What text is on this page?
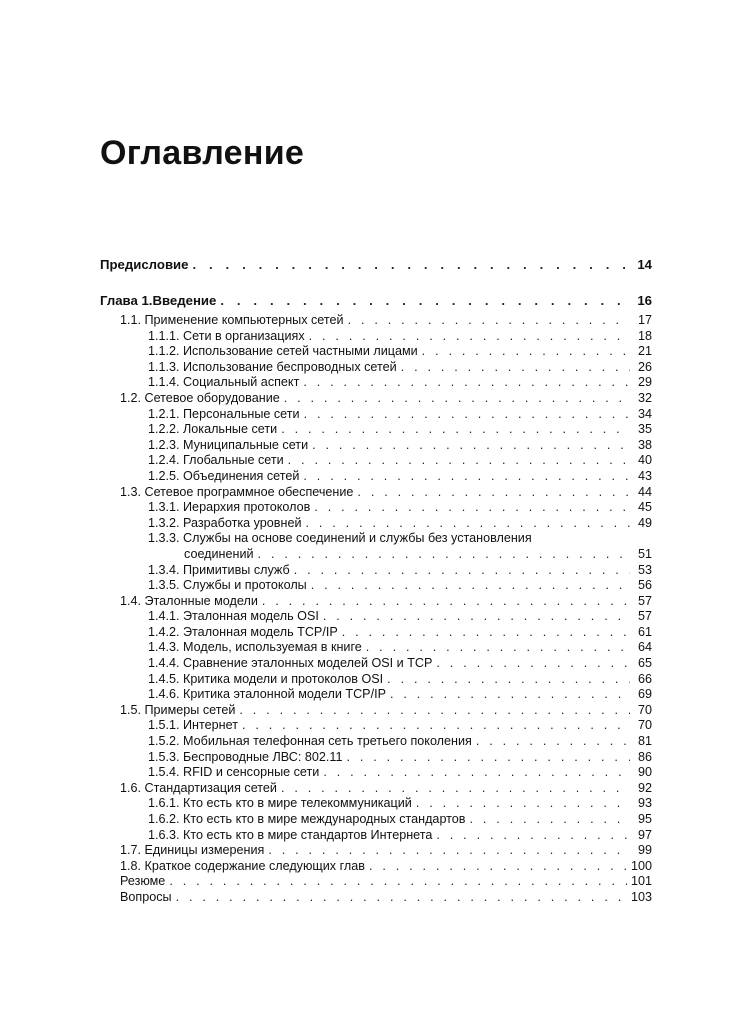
Оглавление
Предисловие . . .	14
Глава 1.Введение . . .	16
1.1. Применение компьютерных сетей . . .	17
1.1.1. Сети в организациях . . .	18
1.1.2. Использование сетей частными лицами . . .	21
1.1.3. Использование беспроводных сетей . . .	26
1.1.4. Социальный аспект . . .	29
1.2. Сетевое оборудование . . .	32
1.2.1. Персональные сети . . .	34
1.2.2. Локальные сети . . .	35
1.2.3. Муниципальные сети . . .	38
1.2.4. Глобальные сети . . .	40
1.2.5. Объединения сетей . . .	43
1.3. Сетевое программное обеспечение . . .	44
1.3.1. Иерархия протоколов . . .	45
1.3.2. Разработка уровней . . .	49
1.3.3. Службы на основе соединений и службы без установления
соединений . . .	51
1.3.4. Примитивы служб . . .	53
1.3.5. Службы и протоколы . . .	56
1.4. Эталонные модели . . .	57
1.4.1. Эталонная модель OSI . . .	57
1.4.2. Эталонная модель TCP/IP . . .	61
1.4.3. Модель, используемая в книге . . .	64
1.4.4. Сравнение эталонных моделей OSI и TCP . . .	65
1.4.5. Критика модели и протоколов OSI . . .	66
1.4.6. Критика эталонной модели TCP/IP . . .	69
1.5. Примеры сетей . . .	70
1.5.1. Интернет . . .	70
1.5.2. Мобильная телефонная сеть третьего поколения . . .	81
1.5.3. Беспроводные ЛВС: 802.11 . . .	86
1.5.4. RFID и сенсорные сети . . .	90
1.6. Стандартизация сетей . . .	92
1.6.1. Кто есть кто в мире телекоммуникаций . . .	93
1.6.2. Кто есть кто в мире международных стандартов . . .	95
1.6.3. Кто есть кто в мире стандартов Интернета . . .	97
1.7. Единицы измерения . . .	99
1.8. Краткое содержание следующих глав . . .	100
Резюме . . .	101
Вопросы . . .	103
